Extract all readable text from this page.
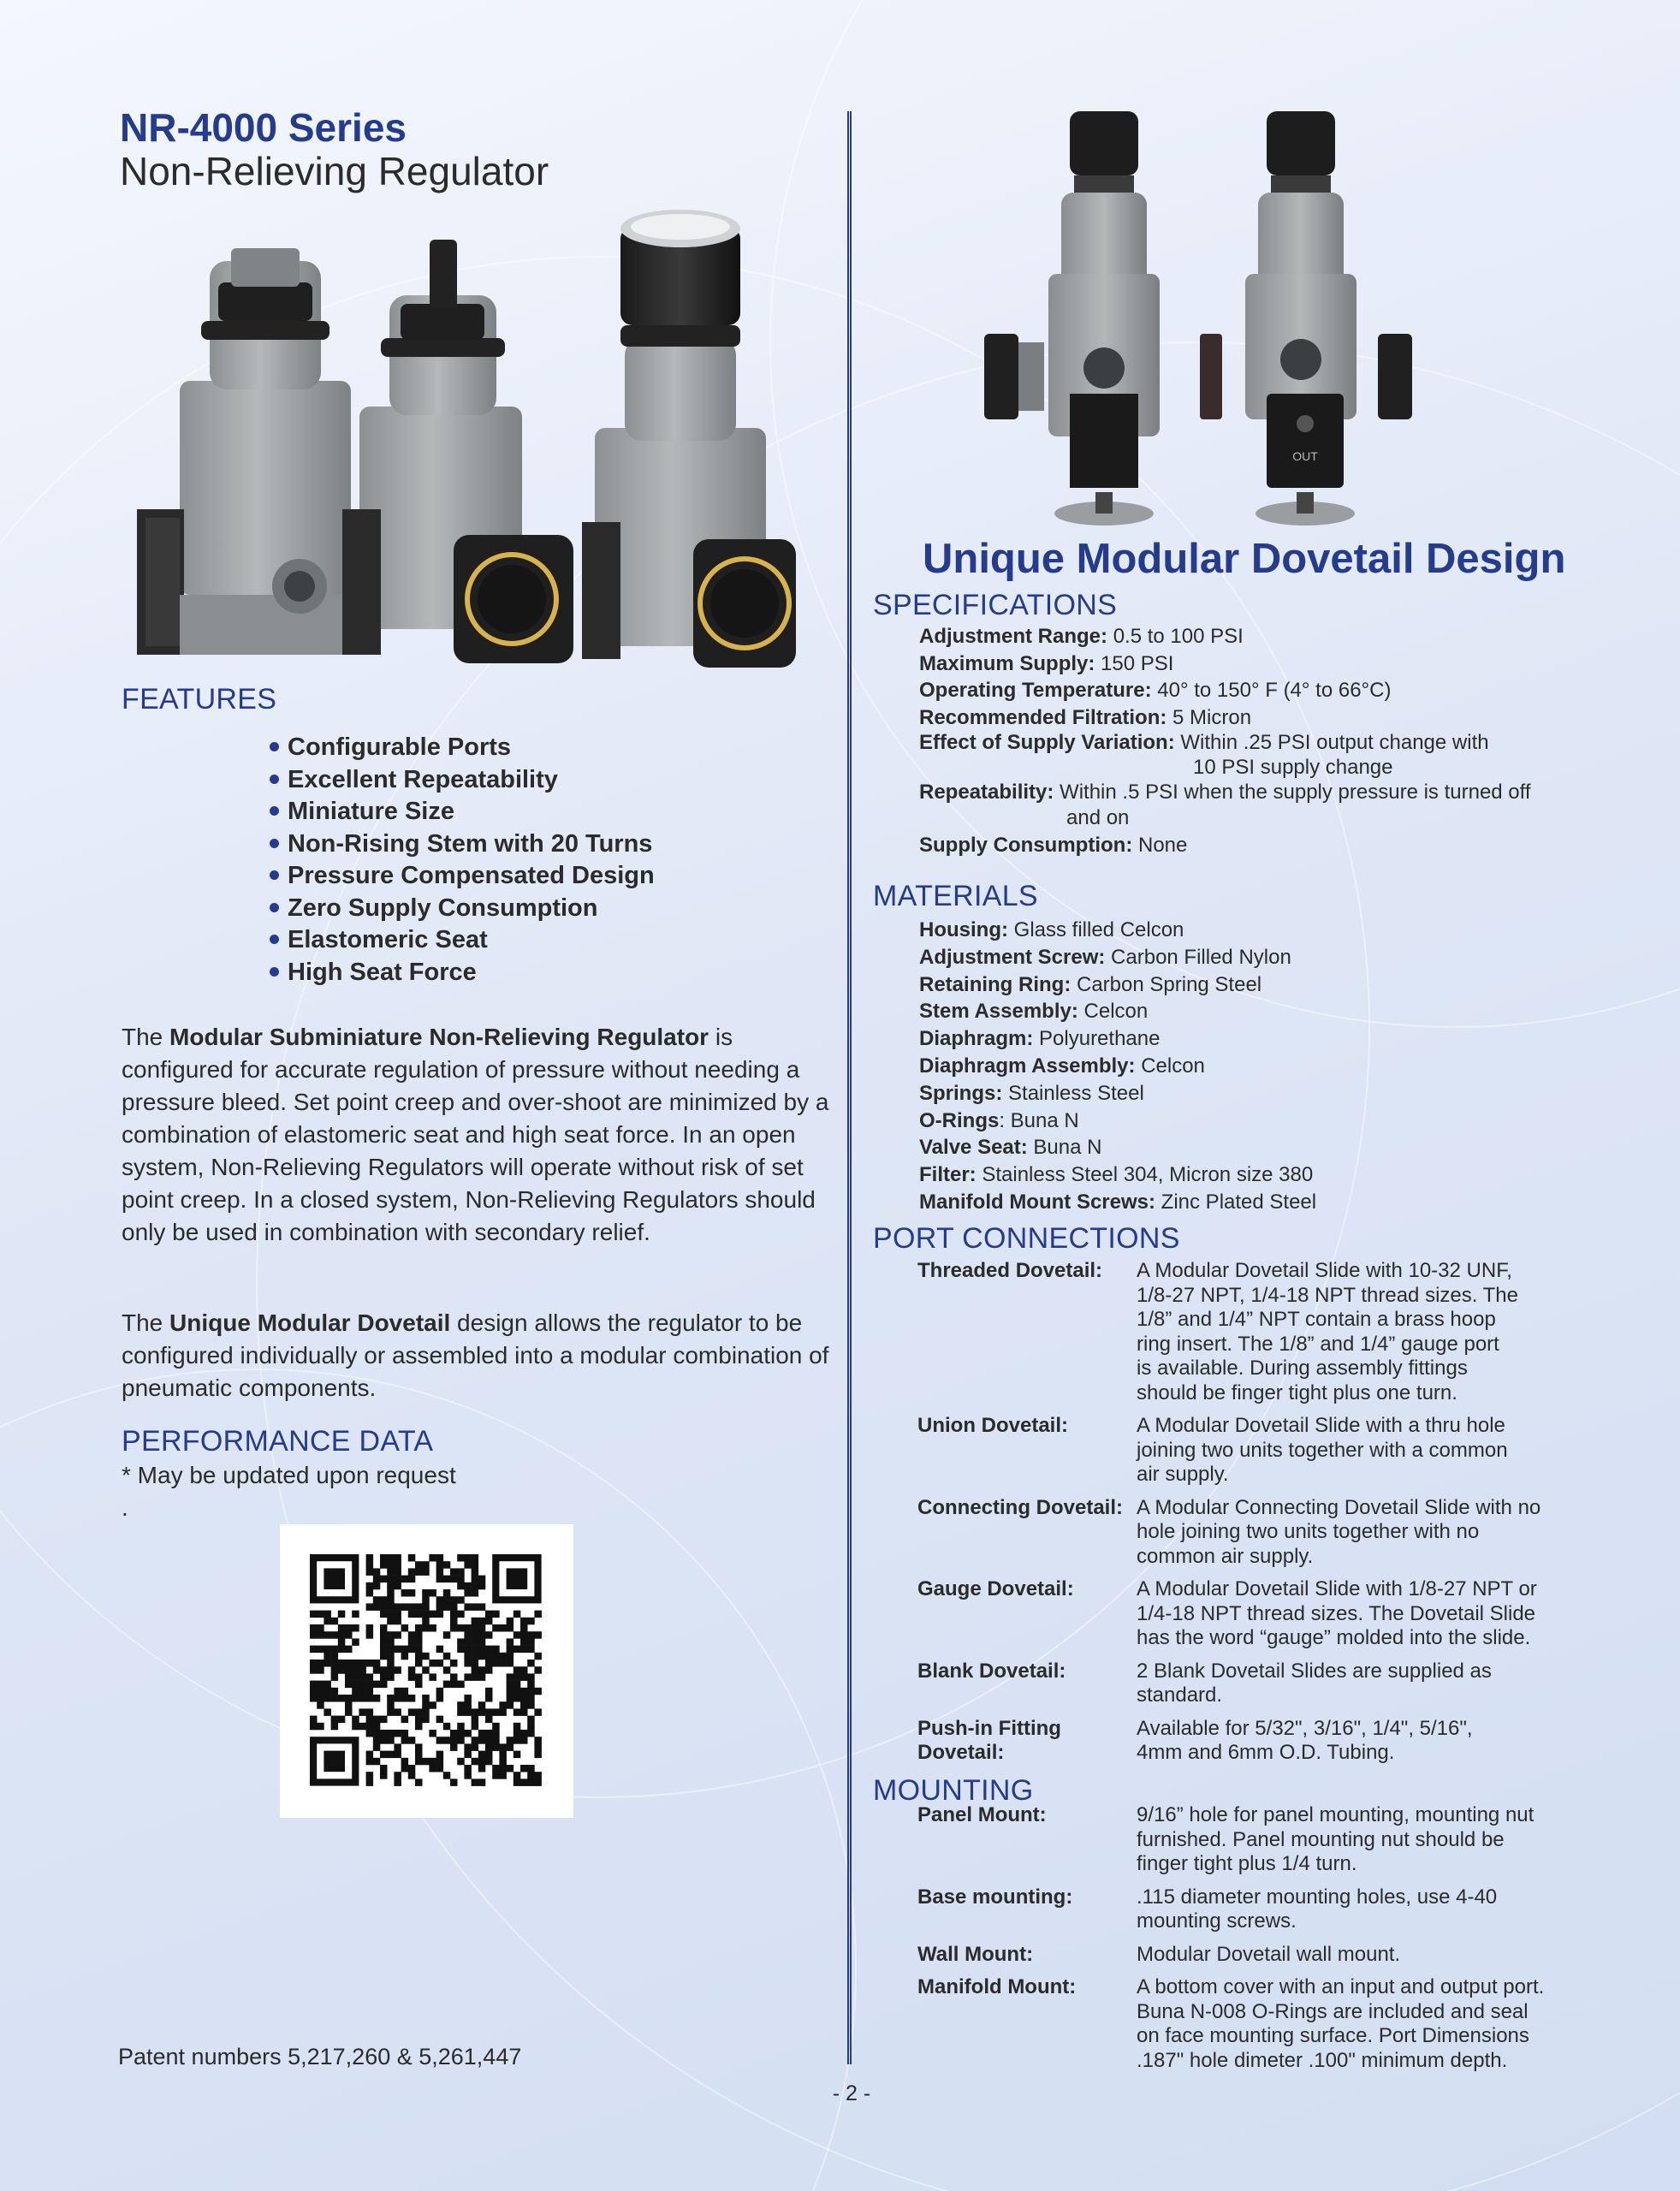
NR-4000 Series
Non-Relieving Regulator
FEATURES
Configurable Ports
Excellent Repeatability
Miniature Size
Non-Rising Stem with 20 Turns
Pressure Compensated Design
Zero Supply Consumption
Elastomeric Seat
High Seat Force
The Modular Subminiature Non-Relieving Regulator is configured for accurate regulation of pressure without needing a pressure bleed. Set point creep and over-shoot are minimized by a combination of elastomeric seat and high seat force. In an open system, Non-Relieving Regulators will operate without risk of set point creep. In a closed system, Non-Relieving Regulators should only be used in combination with secondary relief.
The Unique Modular Dovetail design allows the regulator to be configured individually or assembled into a modular combination of pneumatic components.
PERFORMANCE DATA
* May be updated upon request
.
Patent numbers 5,217,260 & 5,261,447
- 2 -
OUT
Unique Modular Dovetail Design
SPECIFICATIONS
Adjustment Range: 0.5 to 100 PSI
Maximum Supply: 150 PSI
Operating Temperature: 40° to 150° F (4° to 66°C)
Recommended Filtration: 5 Micron
Effect of Supply Variation: Within .25 PSI output change with
10 PSI supply change
Repeatability: Within .5 PSI when the supply pressure is turned off
and on
Supply Consumption: None
MATERIALS
Housing: Glass filled Celcon
Adjustment Screw: Carbon Filled Nylon
Retaining Ring: Carbon Spring Steel
Stem Assembly: Celcon
Diaphragm: Polyurethane
Diaphragm Assembly: Celcon
Springs: Stainless Steel
O-Rings: Buna N
Valve Seat: Buna N
Filter: Stainless Steel 304, Micron size 380
Manifold Mount Screws: Zinc Plated Steel
PORT CONNECTIONS
Threaded Dovetail:	A Modular Dovetail Slide with 10-32 UNF,
1/8-27 NPT, 1/4-18 NPT thread sizes. The
1/8” and 1/4” NPT contain a brass hoop
ring insert. The 1/8” and 1/4” gauge port
is available. During assembly fittings
should be finger tight plus one turn.
Union Dovetail:	A Modular Dovetail Slide with a thru hole
joining two units together with a common
air supply.
Connecting Dovetail: A Modular Connecting Dovetail Slide with no
hole joining two units together with no
common air supply.
Gauge Dovetail:	A Modular Dovetail Slide with 1/8-27 NPT or
1/4-18 NPT thread sizes. The Dovetail Slide
has the word “gauge” molded into the slide.
Blank Dovetail:	2 Blank Dovetail Slides are supplied as
standard.
Push-in Fitting
Dovetail:
Available for 5/32", 3/16", 1/4", 5/16",
4mm and 6mm O.D. Tubing.
MOUNTING
Panel Mount:	9/16” hole for panel mounting, mounting nut
furnished. Panel mounting nut should be
finger tight plus 1/4 turn.
Base mounting:	.115 diameter mounting holes, use 4-40
mounting screws.
Wall Mount:	Modular Dovetail wall mount.
Manifold Mount:	A bottom cover with an input and output port.
Buna N-008 O-Rings are included and seal
on face mounting surface. Port Dimensions
.187" hole dimeter .100" minimum depth.
